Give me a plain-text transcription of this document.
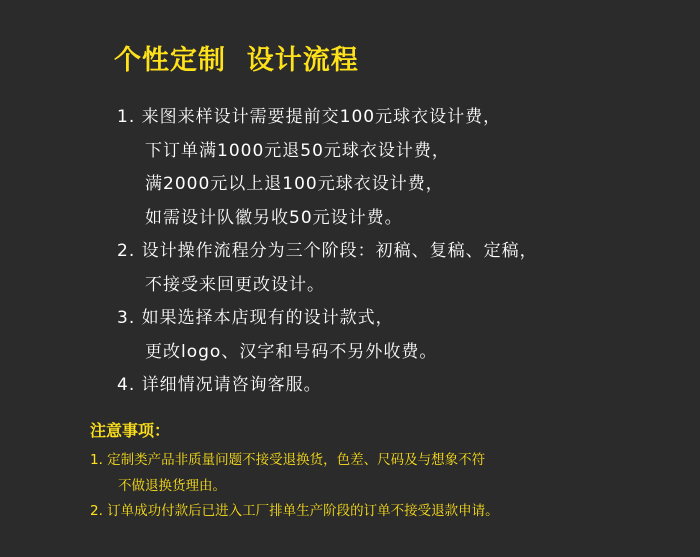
个性定制  设计流程
1. 来图来样设计需要提前交100元球衣设计费，
下订单满1000元退50元球衣设计费，
满2000元以上退100元球衣设计费，
如需设计队徽另收50元设计费。
2. 设计操作流程分为三个阶段：初稿、复稿、定稿，
不接受来回更改设计。
3. 如果选择本店现有的设计款式，
更改logo、汉字和号码不另外收费。
4. 详细情况请咨询客服。
注意事项：
1. 定制类产品非质量问题不接受退换货，色差、尺码及与想象不符
不做退换货理由。
2. 订单成功付款后已进入工厂排单生产阶段的订单不接受退款申请。
